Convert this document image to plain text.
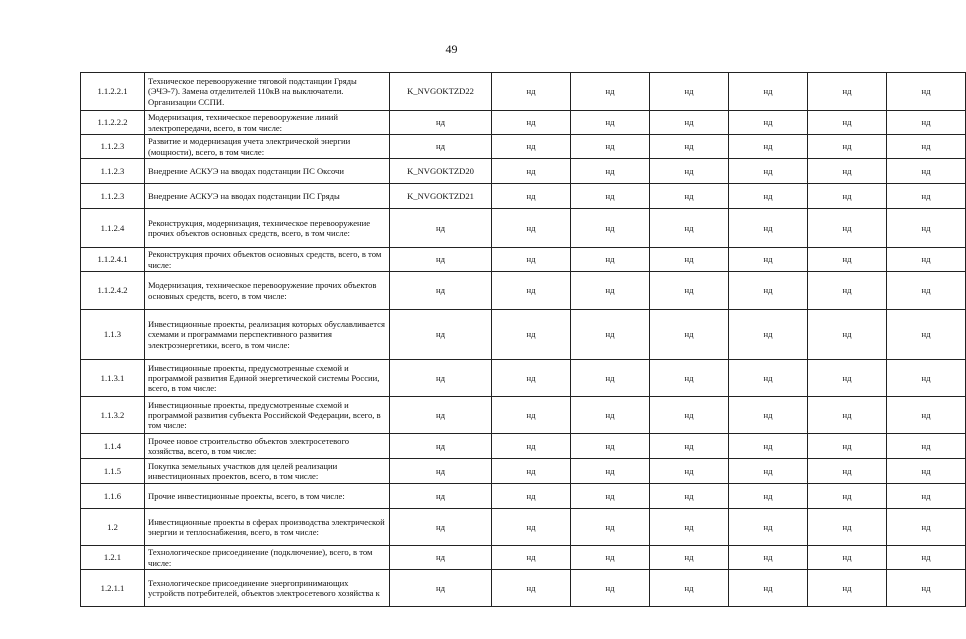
49
1.1.2.2.1	Техническое перевооружение тяговой подстанции Гряды (ЭЧЭ-7). Замена отделителей 110кВ на выключатели. Организации ССПИ.	K_NVGOKTZD22	нд	нд	нд	нд	нд	нд
1.1.2.2.2	Модернизация, техническое перевооружение линий электропередачи, всего, в том числе:	нд	нд	нд	нд	нд	нд	нд
1.1.2.3	Развитие и модернизация учета электрической энергии (мощности), всего, в том числе:	нд	нд	нд	нд	нд	нд	нд
1.1.2.3	Внедрение АСКУЭ на вводах подстанции ПС Оксочи	K_NVGOKTZD20	нд	нд	нд	нд	нд	нд
1.1.2.3	Внедрение АСКУЭ на вводах подстанции ПС Гряды	K_NVGOKTZD21	нд	нд	нд	нд	нд	нд
1.1.2.4	Реконструкция, модернизация, техническое перевооружение прочих объектов основных средств, всего, в том числе:	нд	нд	нд	нд	нд	нд	нд
1.1.2.4.1	Реконструкция прочих объектов основных средств, всего, в том числе:	нд	нд	нд	нд	нд	нд	нд
1.1.2.4.2	Модернизация, техническое перевооружение прочих объектов основных средств, всего, в том числе:	нд	нд	нд	нд	нд	нд	нд
1.1.3	Инвестиционные проекты, реализация которых обуславливается схемами и программами перспективного развития электроэнергетики, всего, в том числе:	нд	нд	нд	нд	нд	нд	нд
1.1.3.1	Инвестиционные проекты, предусмотренные схемой и программой развития Единой энергетической системы России, всего, в том числе:	нд	нд	нд	нд	нд	нд	нд
1.1.3.2	Инвестиционные проекты, предусмотренные схемой и программой развития субъекта Российской Федерации, всего, в том числе:	нд	нд	нд	нд	нд	нд	нд
1.1.4	Прочее новое строительство объектов электросетевого хозяйства, всего, в том числе:	нд	нд	нд	нд	нд	нд	нд
1.1.5	Покупка земельных участков для целей реализации инвестиционных проектов, всего, в том числе:	нд	нд	нд	нд	нд	нд	нд
1.1.6	Прочие инвестиционные проекты, всего, в том числе:	нд	нд	нд	нд	нд	нд	нд
1.2	Инвестиционные проекты в сферах производства электрической энергии и теплоснабжения, всего, в том числе:	нд	нд	нд	нд	нд	нд	нд
1.2.1	Технологическое присоединение (подключение), всего, в том числе:	нд	нд	нд	нд	нд	нд	нд
1.2.1.1	Технологическое присоединение энергопринимающих устройств потребителей, объектов электросетевого хозяйства к	нд	нд	нд	нд	нд	нд	нд
